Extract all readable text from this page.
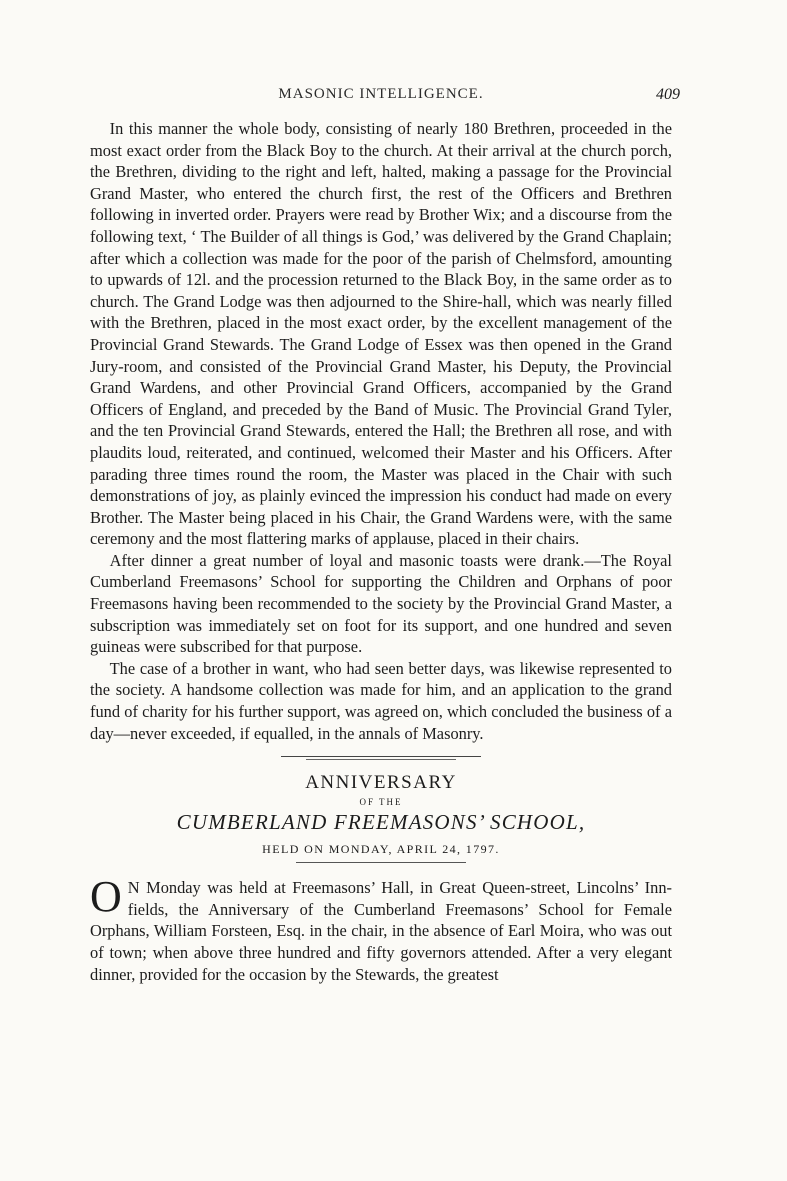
MASONIC INTELLIGENCE.	409

In this manner the whole body, consisting of nearly 180 Brethren, proceeded in the most exact order from the Black Boy to the church. At their arrival at the church porch, the Brethren, dividing to the right and left, halted, making a passage for the Provincial Grand Master, who entered the church first, the rest of the Officers and Brethren following in inverted order. Prayers were read by Brother Wix; and a discourse from the following text, ‘ The Builder of all things is God,’ was delivered by the Grand Chaplain; after which a collection was made for the poor of the parish of Chelmsford, amounting to upwards of 12l. and the procession returned to the Black Boy, in the same order as to church. The Grand Lodge was then adjourned to the Shire-hall, which was nearly filled with the Brethren, placed in the most exact order, by the excellent management of the Provincial Grand Stewards. The Grand Lodge of Essex was then opened in the Grand Jury-room, and consisted of the Provincial Grand Master, his Deputy, the Provincial Grand Wardens, and other Provincial Grand Officers, accompanied by the Grand Officers of England, and preceded by the Band of Music. The Provincial Grand Tyler, and the ten Provincial Grand Stewards, entered the Hall; the Brethren all rose, and with plaudits loud, reiterated, and continued, welcomed their Master and his Officers. After parading three times round the room, the Master was placed in the Chair with such demonstrations of joy, as plainly evinced the impression his conduct had made on every Brother. The Master being placed in his Chair, the Grand Wardens were, with the same ceremony and the most flattering marks of applause, placed in their chairs.

After dinner a great number of loyal and masonic toasts were drank.—The Royal Cumberland Freemasons’ School for supporting the Children and Orphans of poor Freemasons having been recommended to the society by the Provincial Grand Master, a subscription was immediately set on foot for its support, and one hundred and seven guineas were subscribed for that purpose.

The case of a brother in want, who had seen better days, was likewise represented to the society. A handsome collection was made for him, and an application to the grand fund of charity for his further support, was agreed on, which concluded the business of a day—never exceeded, if equalled, in the annals of Masonry.

ANNIVERSARY
OF THE
CUMBERLAND FREEMASONS’ SCHOOL,
HELD ON MONDAY, APRIL 24, 1797.
O N Monday was held at Freemasons’ Hall, in Great Queen-street, Lincolns’ Inn-fields, the Anniversary of the Cumberland Freemasons’ School for Female Orphans, William Forsteen, Esq. in the chair, in the absence of Earl Moira, who was out of town; when above three hundred and fifty governors attended. After a very elegant dinner, provided for the occasion by the Stewards, the greatest
